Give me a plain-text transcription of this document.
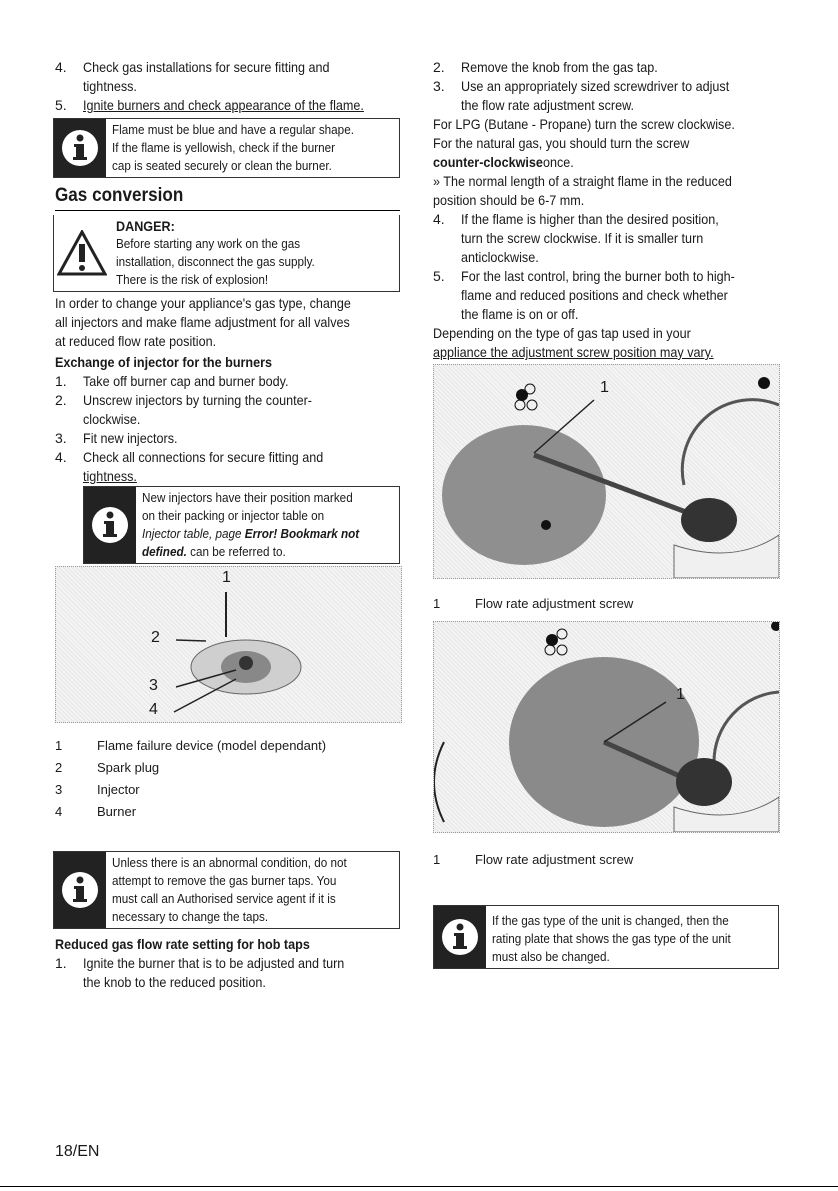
4. Check gas installations for secure fitting and
tightness.
5. Ignite burners and check appearance of the flame.
Flame must be blue and have a regular shape.
If the flame is yellowish, check if the burner
cap is seated securely or clean the burner.
Gas conversion
DANGER:
Before starting any work on the gas
installation, disconnect the gas supply.
There is the risk of explosion!
In order to change your appliance's gas type, change
all injectors and make flame adjustment for all valves
at reduced flow rate position.
Exchange of injector for the burners
1. Take off burner cap and burner body.
2. Unscrew injectors by turning the counter-
clockwise.
3. Fit new injectors.
4. Check all connections for secure fitting and
tightness.
New injectors have their position marked
on their packing or injector table on
Injector table, page Error! Bookmark not
defined. can be referred to.
1
2
3
4
1	Flame failure device (model dependant)
2	Spark plug
3	Injector
4	Burner
Unless there is an abnormal condition, do not
attempt to remove the gas burner taps. You
must call an Authorised service agent if it is
necessary to change the taps.
Reduced gas flow rate setting for hob taps
1. Ignite the burner that is to be adjusted and turn
the knob to the reduced position.
2. Remove the knob from the gas tap.
3. Use an appropriately sized screwdriver to adjust
the flow rate adjustment screw.
For LPG (Butane - Propane) turn the screw clockwise.
For the natural gas, you should turn the screw
counter-clockwiseonce.
» The normal length of a straight flame in the reduced
position should be 6-7 mm.
4. If the flame is higher than the desired position,
turn the screw clockwise. If it is smaller turn
anticlockwise.
5. For the last control, bring the burner both to high-
flame and reduced positions and check whether
the flame is on or off.
Depending on the type of gas tap used in your
appliance the adjustment screw position may vary.
1
1	Flow rate adjustment screw
1
1	Flow rate adjustment screw
If the gas type of the unit is changed, then the
rating plate that shows the gas type of the unit
must also be changed.
18/EN
